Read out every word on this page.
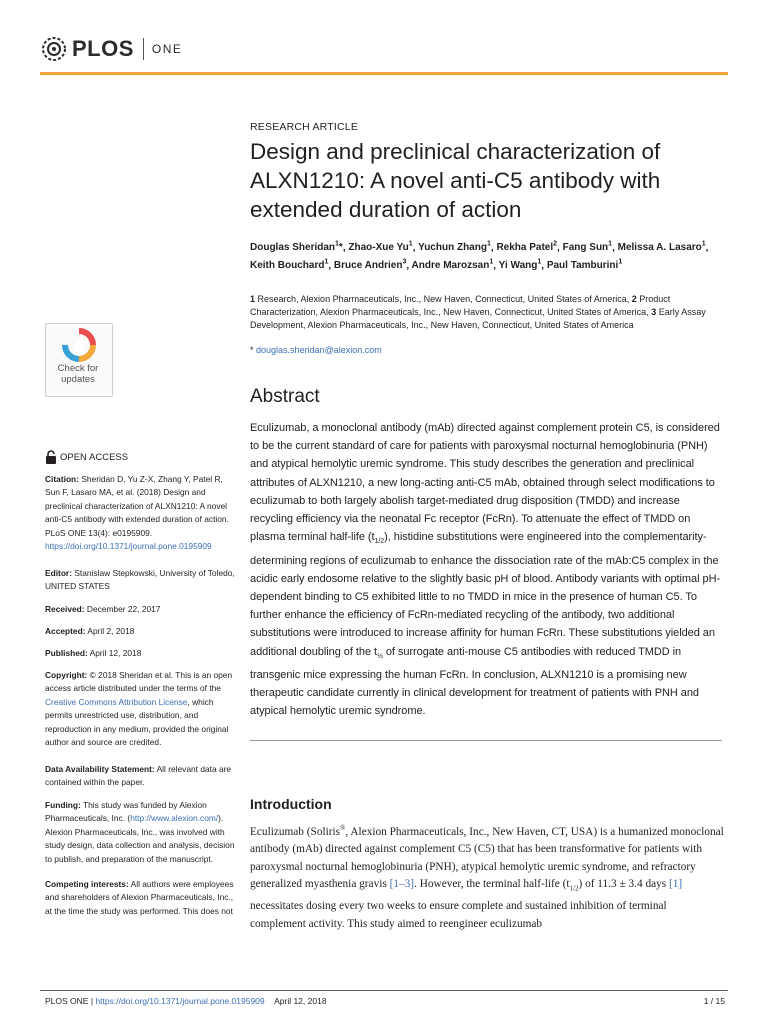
PLOS ONE
RESEARCH ARTICLE
Design and preclinical characterization of ALXN1210: A novel anti-C5 antibody with extended duration of action
Douglas Sheridan$^1$*, Zhao-Xue Yu$^1$, Yuchun Zhang$^1$, Rekha Patel$^2$, Fang Sun$^1$, Melissa A. Lasaro$^1$, Keith Bouchard$^1$, Bruce Andrien$^3$, Andre Marozsan$^1$, Yi Wang$^1$, Paul Tamburini$^1$
1 Research, Alexion Pharmaceuticals, Inc., New Haven, Connecticut, United States of America, 2 Product Characterization, Alexion Pharmaceuticals, Inc., New Haven, Connecticut, United States of America, 3 Early Assay Development, Alexion Pharmaceuticals, Inc., New Haven, Connecticut, United States of America
* douglas.sheridan@alexion.com
Abstract
Eculizumab, a monoclonal antibody (mAb) directed against complement protein C5, is considered to be the current standard of care for patients with paroxysmal nocturnal hemoglobinuria (PNH) and atypical hemolytic uremic syndrome. This study describes the generation and preclinical attributes of ALXN1210, a new long-acting anti-C5 mAb, obtained through select modifications to eculizumab to both largely abolish target-mediated drug disposition (TMDD) and increase recycling efficiency via the neonatal Fc receptor (FcRn). To attenuate the effect of TMDD on plasma terminal half-life $(t_{1/2})$, histidine substitutions were engineered into the complementarity-determining regions of eculizumab to enhance the dissociation rate of the mAb:C5 complex in the acidic early endosome relative to the slightly basic pH of blood. Antibody variants with optimal pH-dependent binding to C5 exhibited little to no TMDD in mice in the presence of human C5. To further enhance the efficiency of FcRn-mediated recycling of the antibody, two additional substitutions were introduced to increase affinity for human FcRn. These substitutions yielded an additional doubling of the $t_{\frac{1}{2}}$ of surrogate anti-mouse C5 antibodies with reduced TMDD in transgenic mice expressing the human FcRn. In conclusion, ALXN1210 is a promising new therapeutic candidate currently in clinical development for treatment of patients with PNH and atypical hemolytic uremic syndrome.
Introduction
Eculizumab (Soliris®, Alexion Pharmaceuticals, Inc., New Haven, CT, USA) is a humanized monoclonal antibody (mAb) directed against complement C5 (C5) that has been transformative for patients with paroxysmal nocturnal hemoglobinuria (PNH), atypical hemolytic uremic syndrome, and refractory generalized myasthenia gravis [1–3]. However, the terminal half-life $(t_{1/2})$ of 11.3 ± 3.4 days [1] necessitates dosing every two weeks to ensure complete and sustained inhibition of terminal complement activity. This study aimed to reengineer eculizumab
Check for
updates
OPEN ACCESS
Citation: Sheridan D, Yu Z-X, Zhang Y, Patel R, Sun F, Lasaro MA, et al. (2018) Design and preclinical characterization of ALXN1210: A novel anti-C5 antibody with extended duration of action. PLoS ONE 13(4): e0195909. https://doi.org/10.1371/journal.pone.0195909
Editor: Stanislaw Stepkowski, University of Toledo, UNITED STATES
Received: December 22, 2017
Accepted: April 2, 2018
Published: April 12, 2018
Copyright: © 2018 Sheridan et al. This is an open access article distributed under the terms of the Creative Commons Attribution License, which permits unrestricted use, distribution, and reproduction in any medium, provided the original author and source are credited.
Data Availability Statement: All relevant data are contained within the paper.
Funding: This study was funded by Alexion Pharmaceuticals, Inc. (http://www.alexion.com/). Alexion Pharmaceuticals, Inc., was involved with study design, data collection and analysis, decision to publish, and preparation of the manuscript.
Competing interests: All authors were employees and shareholders of Alexion Pharmaceuticals, Inc., at the time the study was performed. This does not
PLOS ONE | https://doi.org/10.1371/journal.pone.0195909 April 12, 2018	1 / 15
